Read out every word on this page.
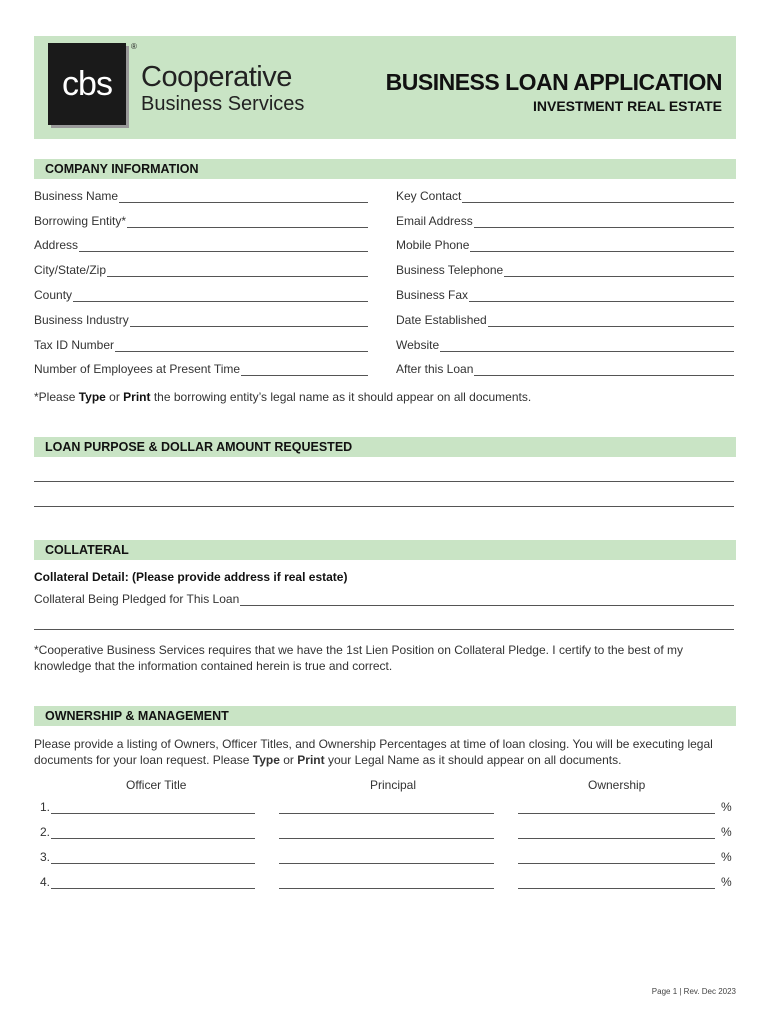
cbs
®
Cooperative
Business Services
BUSINESS LOAN APPLICATION
INVESTMENT REAL ESTATE
COMPANY INFORMATION
Business Name
Borrowing Entity*
Address
City/State/Zip
County
Business Industry
Tax ID Number
Number of Employees at Present Time
Key Contact
Email Address
Mobile Phone
Business Telephone
Business Fax
Date Established
Website
After this Loan
*Please Type or Print the borrowing entity’s legal name as it should appear on all documents.
LOAN PURPOSE & DOLLAR AMOUNT REQUESTED
COLLATERAL
Collateral Detail: (Please provide address if real estate)
Collateral Being Pledged for This Loan
*Cooperative Business Services requires that we have the 1st Lien Position on Collateral Pledge. I certify to the best of my knowledge that the information contained herein is true and correct.
OWNERSHIP & MANAGEMENT
Please provide a listing of Owners, Officer Titles, and Ownership Percentages at time of loan closing. You will be executing legal documents for your loan request. Please Type or Print your Legal Name as it should appear on all documents.
Officer Title	Principal	Ownership
1.	%
2.	%
3.	%
4.	%
Page 1 | Rev. Dec 2023
